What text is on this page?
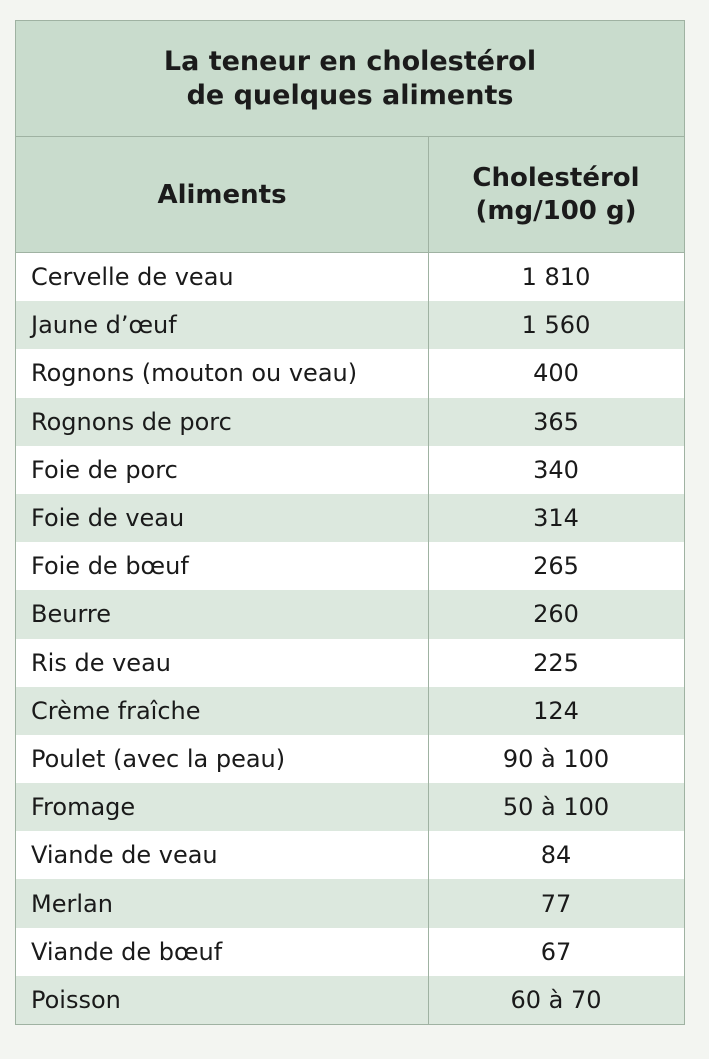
La teneur en cholestérol
de quelques aliments
Aliments
Cholestérol
(mg/100 g)
Cervelle de veau	1 810
Jaune d’œuf	1 560
Rognons (mouton ou veau)	400
Rognons de porc	365
Foie de porc	340
Foie de veau	314
Foie de bœuf	265
Beurre	260
Ris de veau	225
Crème fraîche	124
Poulet (avec la peau)	90 à 100
Fromage	50 à 100
Viande de veau	84
Merlan	77
Viande de bœuf	67
Poisson	60 à 70
